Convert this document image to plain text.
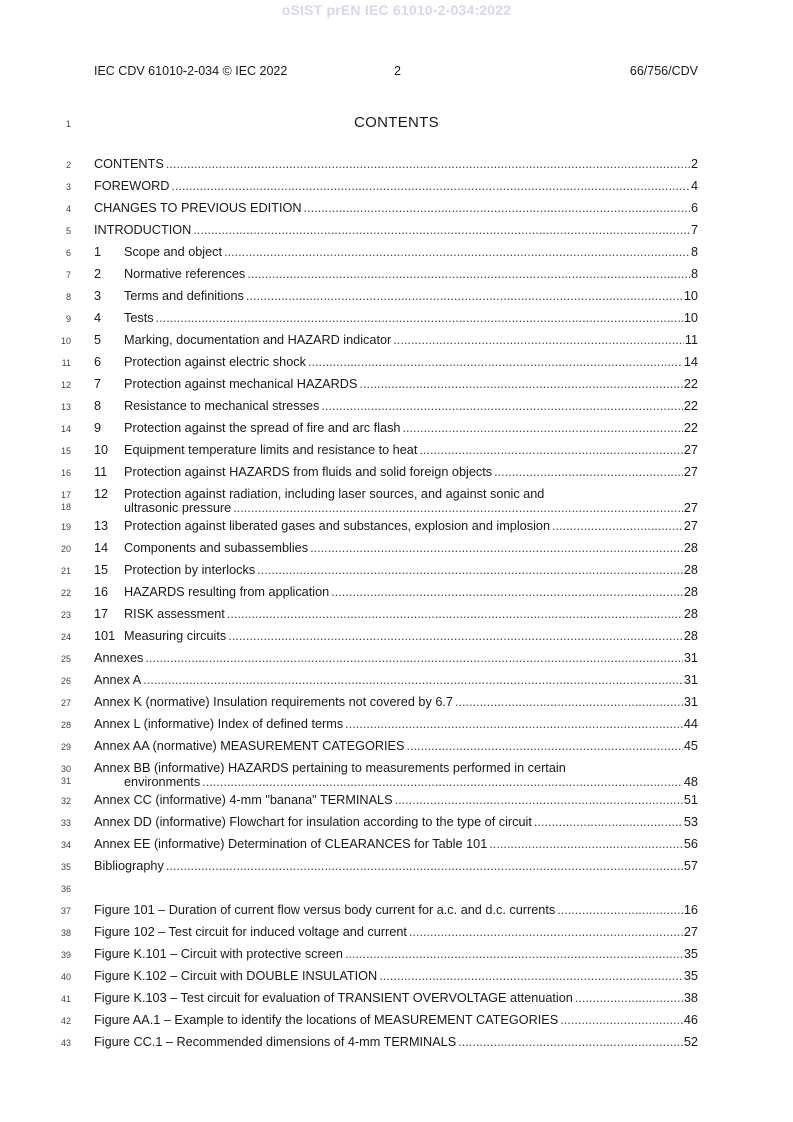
oSIST prEN IEC 61010-2-034:2022
IEC CDV 61010-2-034 © IEC 2022	2	66/756/CDV
1	CONTENTS
2 CONTENTS .....	2
3 FOREWORD .....	4
4 CHANGES TO PREVIOUS EDITION .....	6
5 INTRODUCTION .....	7
6 1	Scope and object .....	8
7 2	Normative references .....	8
8 3	Terms and definitions .....	10
9 4	Tests .....	10
10 5	Marking, documentation and HAZARD indicator .....	11
11 6	Protection against electric shock .....	14
12 7	Protection against mechanical HAZARDS .....	22
13 8	Resistance to mechanical stresses .....	22
14 9	Protection against the spread of fire and arc flash .....	22
15 10	Equipment temperature limits and resistance to heat .....	27
16 11	Protection against HAZARDS from fluids and solid foreign objects .....	27
17
18
12	Protection against radiation, including laser sources, and against sonic and
ultrasonic pressure .....	27
19 13	Protection against liberated gases and substances, explosion and implosion .....	27
20 14	Components and subassemblies .....	28
21 15	Protection by interlocks .....	28
22 16	HAZARDS resulting from application .....	28
23 17	RISK assessment .....	28
24 101 Measuring circuits .....	28
25 Annexes .....	31
26 Annex A .....	31
27 Annex K (normative) Insulation requirements not covered by 6.7 .....	31
28 Annex L (informative) Index of defined terms .....	44
29 Annex AA (normative) MEASUREMENT CATEGORIES .....	45
30
31
Annex BB (informative) HAZARDS pertaining to measurements performed in certain
environments .....	48
32 Annex CC (informative) 4-mm "banana" TERMINALS .....	51
33 Annex DD (informative) Flowchart for insulation according to the type of circuit .....	53
34 Annex EE (informative) Determination of CLEARANCES for Table 101 .....	56
35 Bibliography .....	57
36
37 Figure 101 – Duration of current flow versus body current for a.c. and d.c. currents .....	16
38 Figure 102 – Test circuit for induced voltage and current .....	27
39 Figure K.101 – Circuit with protective screen .....	35
40 Figure K.102 – Circuit with DOUBLE INSULATION .....	35
41 Figure K.103 – Test circuit for evaluation of TRANSIENT OVERVOLTAGE attenuation .....	38
42 Figure AA.1 – Example to identify the locations of MEASUREMENT CATEGORIES .....	46
43 Figure CC.1 – Recommended dimensions of 4-mm TERMINALS .....	52
